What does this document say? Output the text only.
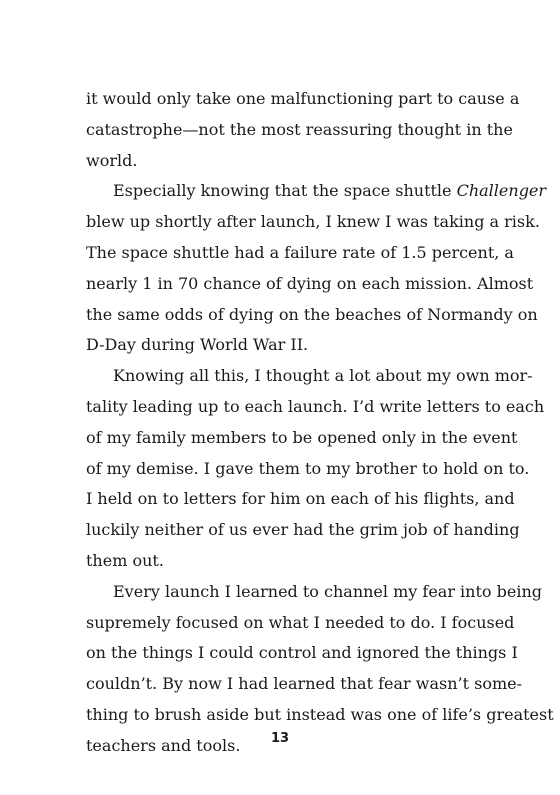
it would only take one malfunctioning part to cause a
catastrophe—not the most reassuring thought in the
world.

Especially knowing that the space shuttle Challenger
blew up shortly after launch, I knew I was taking a risk.
The space shuttle had a failure rate of 1.5 percent, a
nearly 1 in 70 chance of dying on each mission. Almost
the same odds of dying on the beaches of Normandy on
D-Day during World War II.

Knowing all this, I thought a lot about my own mor-
tality leading up to each launch. I’d write letters to each
of my family members to be opened only in the event
of my demise. I gave them to my brother to hold on to.
I held on to letters for him on each of his flights, and
luckily neither of us ever had the grim job of handing
them out.

Every launch I learned to channel my fear into being
supremely focused on what I needed to do. I focused
on the things I could control and ignored the things I
couldn’t. By now I had learned that fear wasn’t some-
thing to brush aside but instead was one of life’s greatest
teachers and tools.	13
